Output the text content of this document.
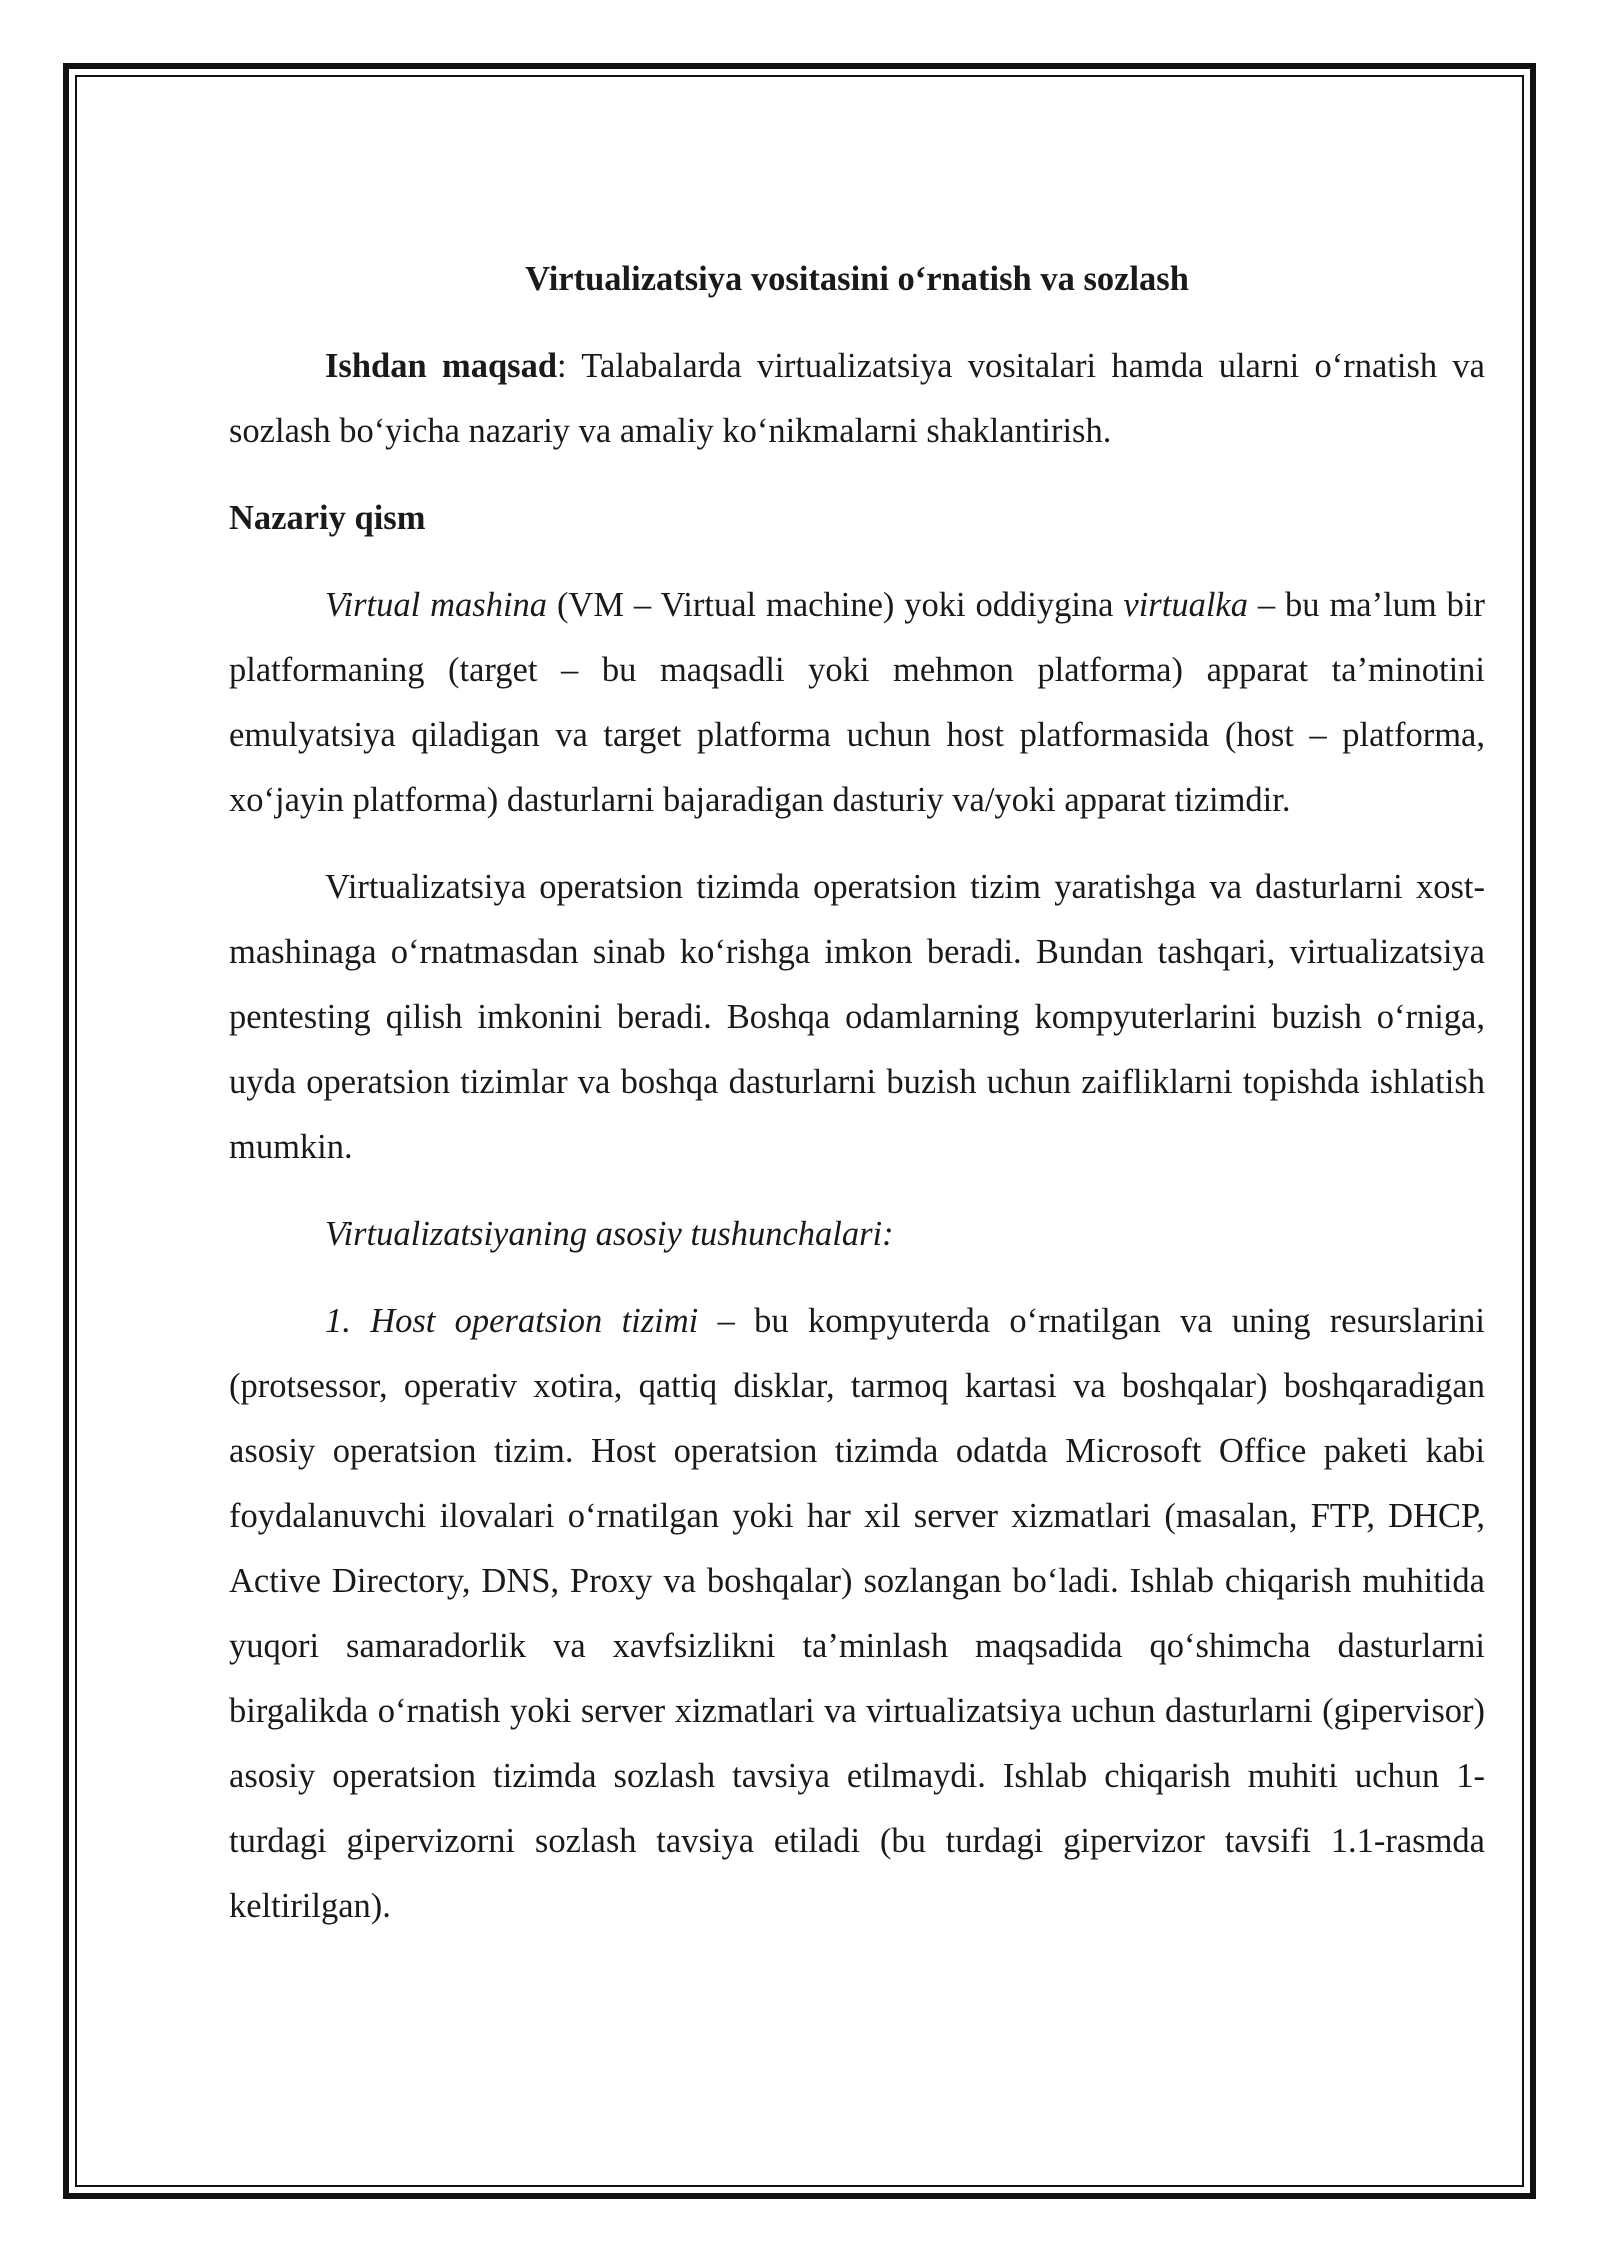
Virtualizatsiya vositasini o‘rnatish va sozlash

Ishdan maqsad: Talabalarda virtualizatsiya vositalari hamda ularni o‘rnatish va sozlash bo‘yicha nazariy va amaliy ko‘nikmalarni shaklantirish.

Nazariy qism

Virtual mashina (VM – Virtual machine) yoki oddiygina virtualka – bu ma’lum bir platformaning (target – bu maqsadli yoki mehmon platforma) apparat ta’minotini emulyatsiya qiladigan va target platforma uchun host platformasida (host – platforma, xo‘jayin platforma) dasturlarni bajaradigan dasturiy va/yoki apparat tizimdir.

Virtualizatsiya operatsion tizimda operatsion tizim yaratishga va dasturlarni xost-mashinaga o‘rnatmasdan sinab ko‘rishga imkon beradi. Bundan tashqari, virtualizatsiya pentesting qilish imkonini beradi. Boshqa odamlarning kompyuterlarini buzish o‘rniga, uyda operatsion tizimlar va boshqa dasturlarni buzish uchun zaifliklarni topishda ishlatish mumkin.

Virtualizatsiyaning asosiy tushunchalari:

1. Host operatsion tizimi – bu kompyuterda o‘rnatilgan va uning resurslarini (protsessor, operativ xotira, qattiq disklar, tarmoq kartasi va boshqalar) boshqaradigan asosiy operatsion tizim. Host operatsion tizimda odatda Microsoft Office paketi kabi foydalanuvchi ilovalari o‘rnatilgan yoki har xil server xizmatlari (masalan, FTP, DHCP, Active Directory, DNS, Proxy va boshqalar) sozlangan bo‘ladi. Ishlab chiqarish muhitida yuqori samaradorlik va xavfsizlikni ta’minlash maqsadida qo‘shimcha dasturlarni birgalikda o‘rnatish yoki server xizmatlari va virtualizatsiya uchun dasturlarni (gipervisor) asosiy operatsion tizimda sozlash tavsiya etilmaydi. Ishlab chiqarish muhiti uchun 1-turdagi gipervizorni sozlash tavsiya etiladi (bu turdagi gipervizor tavsifi 1.1-rasmda keltirilgan).
